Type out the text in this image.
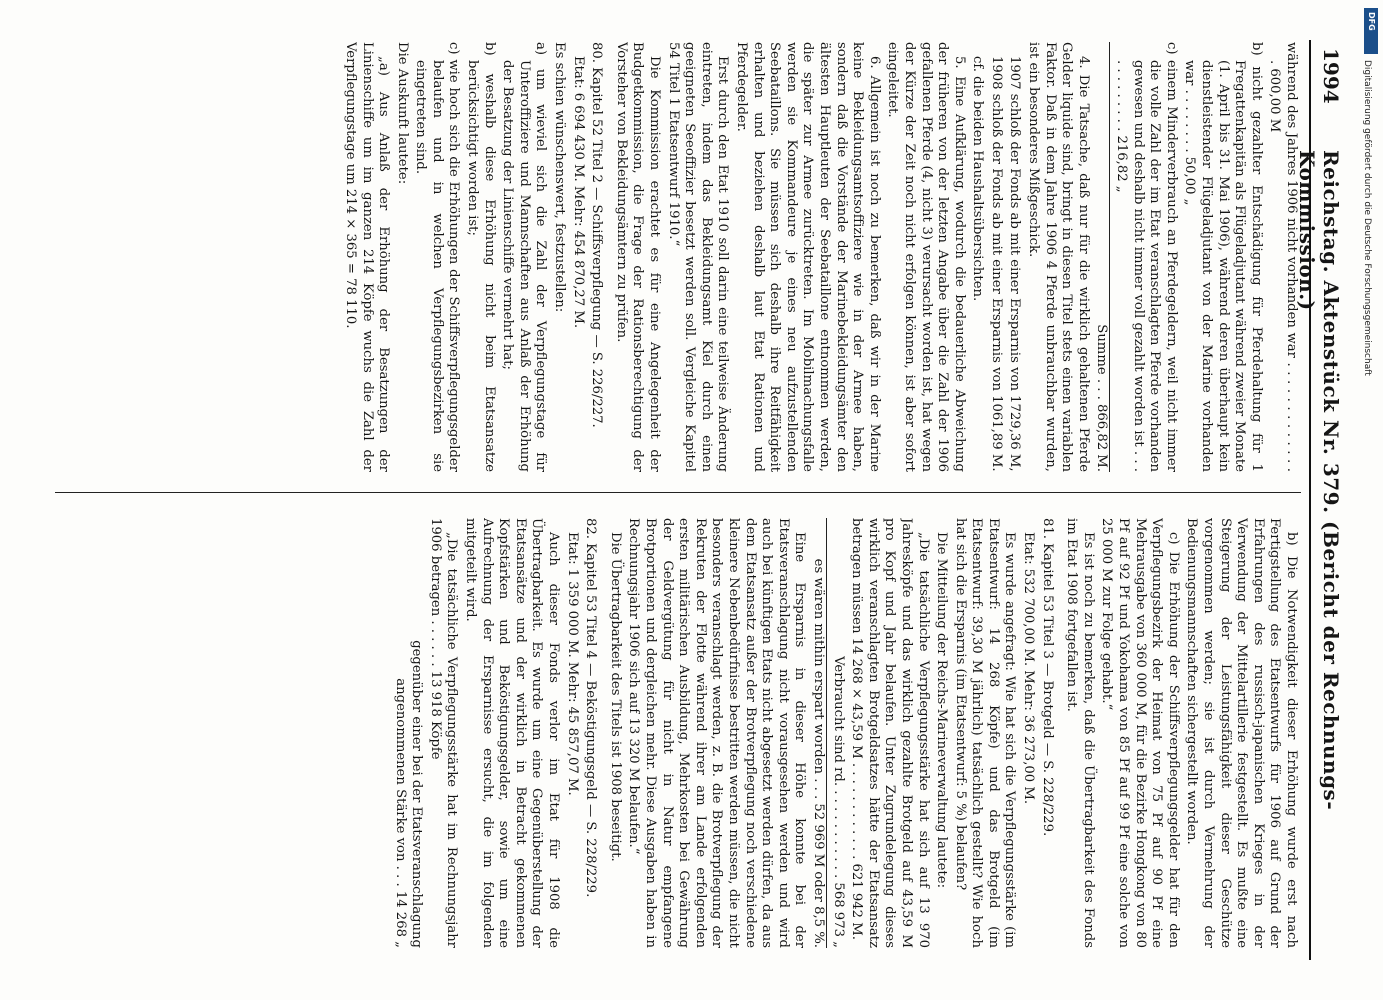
1994
Reichstag. Aktenstück Nr. 379. (Bericht der Rechnungs-Kommission.)

während des Jahres 1906 nicht vorhanden war . . . . . . . . . . . . . . 600,00 M

b) nicht gezahlter Entschädigung für Pferdehaltung für 1 Fregattenkapitän als Flügeladjutant während zweier Monate (1. April bis 31. Mai 1906), während deren überhaupt kein dienstleistender Flügeladjutant von der Marine vorhanden war . . . . . . . . 50,00 „

c) einem Minderverbrauch an Pferdegeldern, weil nicht immer die volle Zahl der im Etat veranschlagten Pferde vorhanden gewesen und deshalb nicht immer voll gezahlt worden ist . . . . . . . . . . . . 216,82 „

Summe . . . 866,82 M.

4. Die Tatsache, daß nur für die wirklich gehaltenen Pferde Gelder liquide sind, bringt in diesen Titel stets einen variablen Faktor. Daß in dem Jahre 1906 4 Pferde unbrauchbar wurden, ist ein besonderes Mißgeschick.

1907 schloß der Fonds ab mit einer Ersparnis von 1729,36 M,

1908 schloß der Fonds ab mit einer Ersparnis von 1061,89 M.

cf. die beiden Haushaltsübersichten.

5. Eine Aufklärung, wodurch die bedauerliche Abweichung der früheren von der letzten Angabe über die Zahl der 1906 gefallenen Pferde (4, nicht 3) verursacht worden ist, hat wegen der Kürze der Zeit noch nicht erfolgen können, ist aber sofort eingeleitet.

6. Allgemein ist noch zu bemerken, daß wir in der Marine keine Bekleidungsamtsoffiziere wie in der Armee haben, sondern daß die Vorstände der Marinebekleidungsämter den ältesten Hauptleuten der Seebataillone entnommen werden, die später zur Armee zurücktreten. Im Mobilmachungsfalle werden sie Kommandeure je eines neu aufzustellenden Seebataillons. Sie müssen sich deshalb ihre Reitfähigkeit erhalten und beziehen deshalb laut Etat Rationen und Pferdegelder.

Erst durch den Etat 1910 soll darin eine teilweise Änderung eintreten, indem das Bekleidungsamt Kiel durch einen geeigneten Seeoffizier besetzt werden soll. Vergleiche Kapitel 54 Titel 1 Etatsentwurf 1910.“

Die Kommission erachtet es für eine Angelegenheit der Budgetkommission, die Frage der Rationsberechtigung der Vorsteher von Bekleidungsämtern zu prüfen.

80. Kapitel 52 Titel 2 — Schiffsverpflegung — S. 226/227.

Etat: 6 694 430 M. Mehr: 454 870,27 M.

Es schien wünschenswert, festzustellen:

a) um wieviel sich die Zahl der Verpflegungstage für Unteroffiziere und Mannschaften aus Anlaß der Erhöhung der Besatzung der Linienschiffe vermehrt hat;

b) weshalb diese Erhöhung nicht beim Etatsansatze berücksichtigt worden ist;

c) wie hoch sich die Erhöhungen der Schiffsverpflegungsgelder belaufen und in welchen Verpflegungsbezirken sie eingetreten sind.

Die Auskunft lautete:

„a) Aus Anlaß der Erhöhung der Besatzungen der Linienschiffe um im ganzen 214 Köpfe wuchs die Zahl der Verpflegungstage um 214 × 365 = 78 110.

b) Die Notwendigkeit dieser Erhöhung wurde erst nach Fertigstellung des Etatsentwurfs für 1906 auf Grund der Erfahrungen des russisch-japanischen Krieges in der Verwendung der Mittelartillerie festgestellt. Es mußte eine Steigerung der Leistungsfähigkeit dieser Geschütze vorgenommen werden; sie ist durch Vermehrung der Bedienungsmannschaften sichergestellt worden.

c) Die Erhöhung der Schiffsverpflegungsgelder hat für den Verpflegungsbezirk der Heimat von 75 Pf auf 90 Pf eine Mehrausgabe von 360 000 M, für die Bezirke Hongkong von 80 Pf auf 92 Pf und Yokohama von 85 Pf auf 99 Pf eine solche von 25 000 M zur Folge gehabt.“

Es ist noch zu bemerken, daß die Übertragbarkeit des Fonds im Etat 1908 fortgefallen ist.

81. Kapitel 53 Titel 3 — Brotgeld — S. 228/229.

Etat: 532 700,00 M. Mehr: 36 273,00 M.

Es wurde angefragt: Wie hat sich die Verpflegungsstärke (im Etatsentwurf: 14 268 Köpfe) und das Brotgeld (im Etatsentwurf: 39,30 M jährlich) tatsächlich gestellt? Wie hoch hat sich die Ersparnis (im Etatsentwurf: 5 %) belaufen?

Die Mitteilung der Reichs-Marineverwaltung lautete:

„Die tatsächliche Verpflegungsstärke hat sich auf 13 970 Jahresköpfe und das wirklich gezahlte Brotgeld auf 43,59 M pro Kopf und Jahr belaufen. Unter Zugrundelegung dieses wirklich veranschlagten Brotgeldsatzes hätte der Etatsansatz betragen müssen 14 268 × 43,59 M . . . . . . . . . . . . 621 942 M.

Verbraucht sind rd. . . . . . . . . . . . 568 973 „

es wären mithin erspart worden . . . 52 969 M oder 8,5 %.

Eine Ersparnis in dieser Höhe konnte bei der Etatsveranschlagung nicht vorausgesehen werden und wird auch bei künftigen Etats nicht abgesetzt werden dürfen, da aus dem Etatsansatz außer der Brotverpflegung noch verschiedene kleinere Nebenbedürfnisse bestritten werden müssen, die nicht besonders veranschlagt werden, z. B. die Brotverpflegung der Rekruten der Flotte während ihrer am Lande erfolgenden ersten militärischen Ausbildung, Mehrkosten bei Gewährung der Geldvergütung für nicht in Natur empfangene Brotportionen und dergleichen mehr. Diese Ausgaben haben in Rechnungsjahr 1906 sich auf 13 320 M belaufen.“

Die Übertragbarkeit des Titels ist 1908 beseitigt.

82. Kapitel 53 Titel 4 — Beköstigungsgeld — S. 228/229.

Etat: 1 359 000 M. Mehr: 45 857,07 M.

Auch dieser Fonds verlor im Etat für 1908 die Übertragbarkeit. Es wurde um eine Gegenüberstellung der Etatsansätze und der wirklich in Betracht gekommenen Kopfstärken und Beköstigungsgelder, sowie um eine Aufrechnung der Ersparnisse ersucht, die im folgenden mitgeteilt wird.

„Die tatsächliche Verpflegungsstärke hat im Rechnungsjahr 1906 betragen . . . . . . 13 918 Köpfe

gegenüber einer bei der Etatsveranschlagung angenommenen Stärke von . . . 14 268 „

DFG
Digitalisierung gefördert durch die Deutsche Forschungsgemeinschaft
